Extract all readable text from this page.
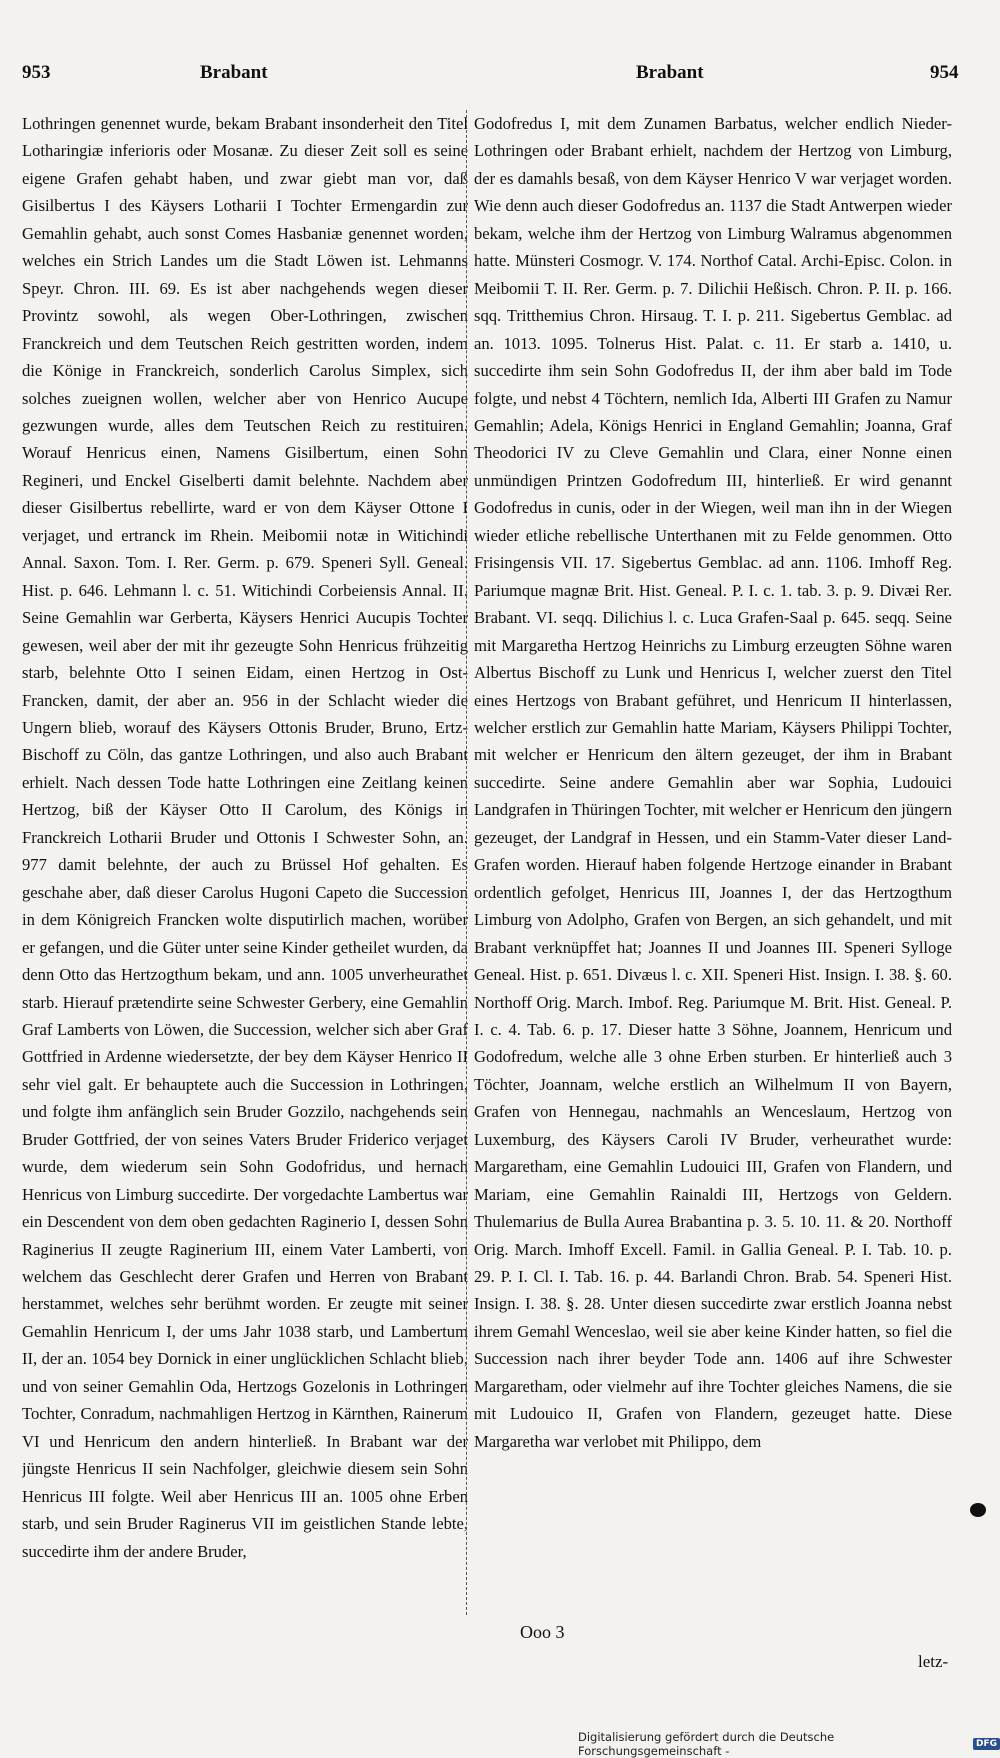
953	Brabant	Brabant	954

Lothringen genennet wurde, bekam Brabant insonderheit den Titel Lotharingiæ inferioris oder Mosanæ. Zu dieser Zeit soll es seine eigene Grafen gehabt haben, und zwar giebt man vor, daß Gisilbertus I des Käysers Lotharii I Tochter Ermengardin zur Gemahlin gehabt, auch sonst Comes Hasbaniæ genennet worden, welches ein Strich Landes um die Stadt Löwen ist. Lehmanns Speyr. Chron. III. 69. Es ist aber nachgehends wegen dieser Provintz sowohl, als wegen Ober-Lothringen, zwischen Franckreich und dem Teutschen Reich gestritten worden, indem die Könige in Franckreich, sonderlich Carolus Simplex, sich solches zueignen wollen, welcher aber von Henrico Aucupe gezwungen wurde, alles dem Teutschen Reich zu restituiren. Worauf Henricus einen, Namens Gisilbertum, einen Sohn Regineri, und Enckel Giselberti damit belehnte. Nachdem aber dieser Gisilbertus rebellirte, ward er von dem Käyser Ottone I verjaget, und ertranck im Rhein. Meibomii notæ in Witichindi Annal. Saxon. Tom. I. Rer. Germ. p. 679. Speneri Syll. Geneal. Hist. p. 646. Lehmann l. c. 51. Witichindi Corbeiensis Annal. II. Seine Gemahlin war Gerberta, Käysers Henrici Aucupis Tochter gewesen, weil aber der mit ihr gezeugte Sohn Henricus frühzeitig starb, belehnte Otto I seinen Eidam, einen Hertzog in Ost-Francken, damit, der aber an. 956 in der Schlacht wieder die Ungern blieb, worauf des Käysers Ottonis Bruder, Bruno, Ertz-Bischoff zu Cöln, das gantze Lothringen, und also auch Brabant erhielt. Nach dessen Tode hatte Lothringen eine Zeitlang keinen Hertzog, biß der Käyser Otto II Carolum, des Königs in Franckreich Lotharii Bruder und Ottonis I Schwester Sohn, an. 977 damit belehnte, der auch zu Brüssel Hof gehalten. Es geschahe aber, daß dieser Carolus Hugoni Capeto die Succession in dem Königreich Francken wolte disputirlich machen, worüber er gefangen, und die Güter unter seine Kinder getheilet wurden, da denn Otto das Hertzogthum bekam, und ann. 1005 unverheurathet starb. Hierauf prætendirte seine Schwester Gerbery, eine Gemahlin Graf Lamberts von Löwen, die Succession, welcher sich aber Graf Gottfried in Ardenne wiedersetzte, der bey dem Käyser Henrico II sehr viel galt. Er behauptete auch die Succession in Lothringen, und folgte ihm anfänglich sein Bruder Gozzilo, nachgehends sein Bruder Gottfried, der von seines Vaters Bruder Friderico verjaget wurde, dem wiederum sein Sohn Godofridus, und hernach Henricus von Limburg succedirte. Der vorgedachte Lambertus war ein Descendent von dem oben gedachten Raginerio I, dessen Sohn Raginerius II zeugte Raginerium III, einem Vater Lamberti, von welchem das Geschlecht derer Grafen und Herren von Brabant herstammet, welches sehr berühmt worden. Er zeugte mit seiner Gemahlin Henricum I, der ums Jahr 1038 starb, und Lambertum II, der an. 1054 bey Dornick in einer unglücklichen Schlacht blieb, und von seiner Gemahlin Oda, Hertzogs Gozelonis in Lothringen Tochter, Conradum, nachmahligen Hertzog in Kärnthen, Rainerum VI und Henricum den andern hinterließ. In Brabant war der jüngste Henricus II sein Nachfolger, gleichwie diesem sein Sohn Henricus III folgte. Weil aber Henricus III an. 1005 ohne Erben starb, und sein Bruder Raginerus VII im geistlichen Stande lebte, succedirte ihm der andere Bruder,

Godofredus I, mit dem Zunamen Barbatus, welcher endlich Nieder-Lothringen oder Brabant erhielt, nachdem der Hertzog von Limburg, der es damahls besaß, von dem Käyser Henrico V war verjaget worden. Wie denn auch dieser Godofredus an. 1137 die Stadt Antwerpen wieder bekam, welche ihm der Hertzog von Limburg Walramus abgenommen hatte. Münsteri Cosmogr. V. 174. Northof Catal. Archi-Episc. Colon. in Meibomii T. II. Rer. Germ. p. 7. Dilichii Heßisch. Chron. P. II. p. 166. sqq. Tritthemius Chron. Hirsaug. T. I. p. 211. Sigebertus Gemblac. ad an. 1013. 1095. Tolnerus Hist. Palat. c. 11. Er starb a. 1410, u. succedirte ihm sein Sohn Godofredus II, der ihm aber bald im Tode folgte, und nebst 4 Töchtern, nemlich Ida, Alberti III Grafen zu Namur Gemahlin; Adela, Königs Henrici in England Gemahlin; Joanna, Graf Theodorici IV zu Cleve Gemahlin und Clara, einer Nonne einen unmündigen Printzen Godofredum III, hinterließ. Er wird genannt Godofredus in cunis, oder in der Wiegen, weil man ihn in der Wiegen wieder etliche rebellische Unterthanen mit zu Felde genommen. Otto Frisingensis VII. 17. Sigebertus Gemblac. ad ann. 1106. Imhoff Reg. Pariumque magnæ Brit. Hist. Geneal. P. I. c. 1. tab. 3. p. 9. Divæi Rer. Brabant. VI. seqq. Dilichius l. c. Luca Grafen-Saal p. 645. seqq. Seine mit Margaretha Hertzog Heinrichs zu Limburg erzeugten Söhne waren Albertus Bischoff zu Lunk und Henricus I, welcher zuerst den Titel eines Hertzogs von Brabant geführet, und Henricum II hinterlassen, welcher erstlich zur Gemahlin hatte Mariam, Käysers Philippi Tochter, mit welcher er Henricum den ältern gezeuget, der ihm in Brabant succedirte. Seine andere Gemahlin aber war Sophia, Ludouici Landgrafen in Thüringen Tochter, mit welcher er Henricum den jüngern gezeuget, der Landgraf in Hessen, und ein Stamm-Vater dieser Land-Grafen worden. Hierauf haben folgende Hertzoge einander in Brabant ordentlich gefolget, Henricus III, Joannes I, der das Hertzogthum Limburg von Adolpho, Grafen von Bergen, an sich gehandelt, und mit Brabant verknüpffet hat; Joannes II und Joannes III. Speneri Sylloge Geneal. Hist. p. 651. Divæus l. c. XII. Speneri Hist. Insign. I. 38. §. 60. Northoff Orig. March. Imbof. Reg. Pariumque M. Brit. Hist. Geneal. P. I. c. 4. Tab. 6. p. 17. Dieser hatte 3 Söhne, Joannem, Henricum und Godofredum, welche alle 3 ohne Erben sturben. Er hinterließ auch 3 Töchter, Joannam, welche erstlich an Wilhelmum II von Bayern, Grafen von Hennegau, nachmahls an Wenceslaum, Hertzog von Luxemburg, des Käysers Caroli IV Bruder, verheurathet wurde: Margaretham, eine Gemahlin Ludouici III, Grafen von Flandern, und Mariam, eine Gemahlin Rainaldi III, Hertzogs von Geldern. Thulemarius de Bulla Aurea Brabantina p. 3. 5. 10. 11. & 20. Northoff Orig. March. Imhoff Excell. Famil. in Gallia Geneal. P. I. Tab. 10. p. 29. P. I. Cl. I. Tab. 16. p. 44. Barlandi Chron. Brab. 54. Speneri Hist. Insign. I. 38. §. 28. Unter diesen succedirte zwar erstlich Joanna nebst ihrem Gemahl Wenceslao, weil sie aber keine Kinder hatten, so fiel die Succession nach ihrer beyder Tode ann. 1406 auf ihre Schwester Margaretham, oder vielmehr auf ihre Tochter gleiches Namens, die sie mit Ludouico II, Grafen von Flandern, gezeuget hatte. Diese Margaretha war verlobet mit Philippo, dem

Ooo 3
letz-
Digitalisierung gefördert durch die Deutsche Forschungsgemeinschaft -	DFG
